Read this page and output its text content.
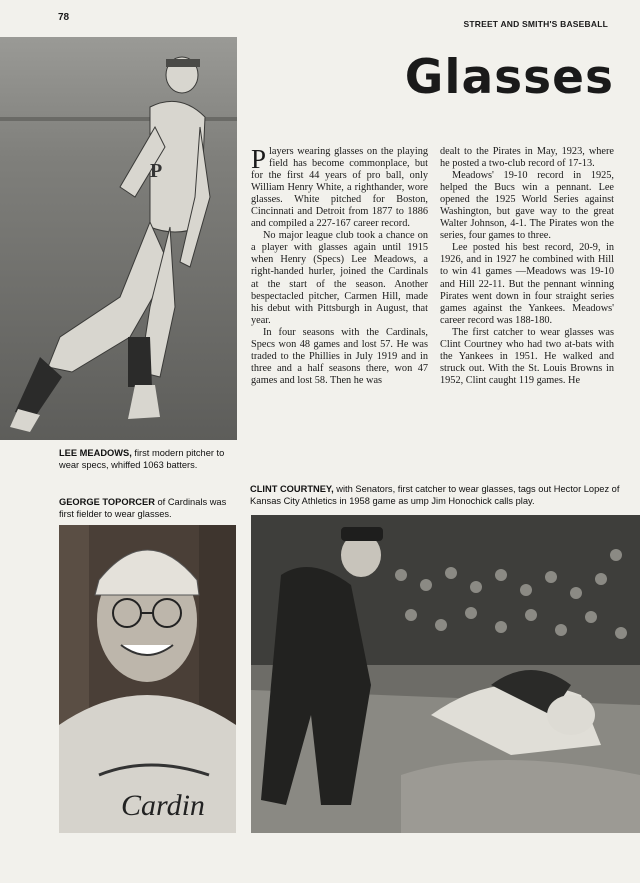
78
STREET AND SMITH'S BASEBALL
Glasses
P
LEE MEADOWS, first modern pitcher to wear specs, whiffed 1063 batters.

Players wearing glasses on the playing field has become commonplace, but for the first 44 years of pro ball, only William Henry White, a righthander, wore glasses. White pitched for Boston, Cincinnati and Detroit from 1877 to 1886 and compiled a 227-167 career record.

No major league club took a chance on a player with glasses again until 1915 when Henry (Specs) Lee Meadows, a right-handed hurler, joined the Cardinals at the start of the season. Another bespectacled pitcher, Carmen Hill, made his debut with Pittsburgh in August, that year.

In four seasons with the Cardinals, Specs won 48 games and lost 57. He was traded to the Phillies in July 1919 and in three and a half seasons there, won 47 games and lost 58. Then he was

dealt to the Pirates in May, 1923, where he posted a two-club record of 17-13.

Meadows' 19-10 record in 1925, helped the Bucs win a pennant. Lee opened the 1925 World Series against Washington, but gave way to the great Walter Johnson, 4-1. The Pirates won the series, four games to three.

Lee posted his best record, 20-9, in 1926, and in 1927 he combined with Hill to win 41 games —Meadows was 19-10 and Hill 22-11. But the pennant winning Pirates went down in four straight series games against the Yankees. Meadows' career record was 188-180.

The first catcher to wear glasses was Clint Courtney who had two at-bats with the Yankees in 1951. He walked and struck out. With the St. Louis Browns in 1952, Clint caught 119 games. He

GEORGE TOPORCER of Cardinals was first fielder to wear glasses.
CLINT COURTNEY, with Senators, first catcher to wear glasses, tags out Hector Lopez of Kansas City Athletics in 1958 game as ump Jim Honochick calls play.
Cardin
